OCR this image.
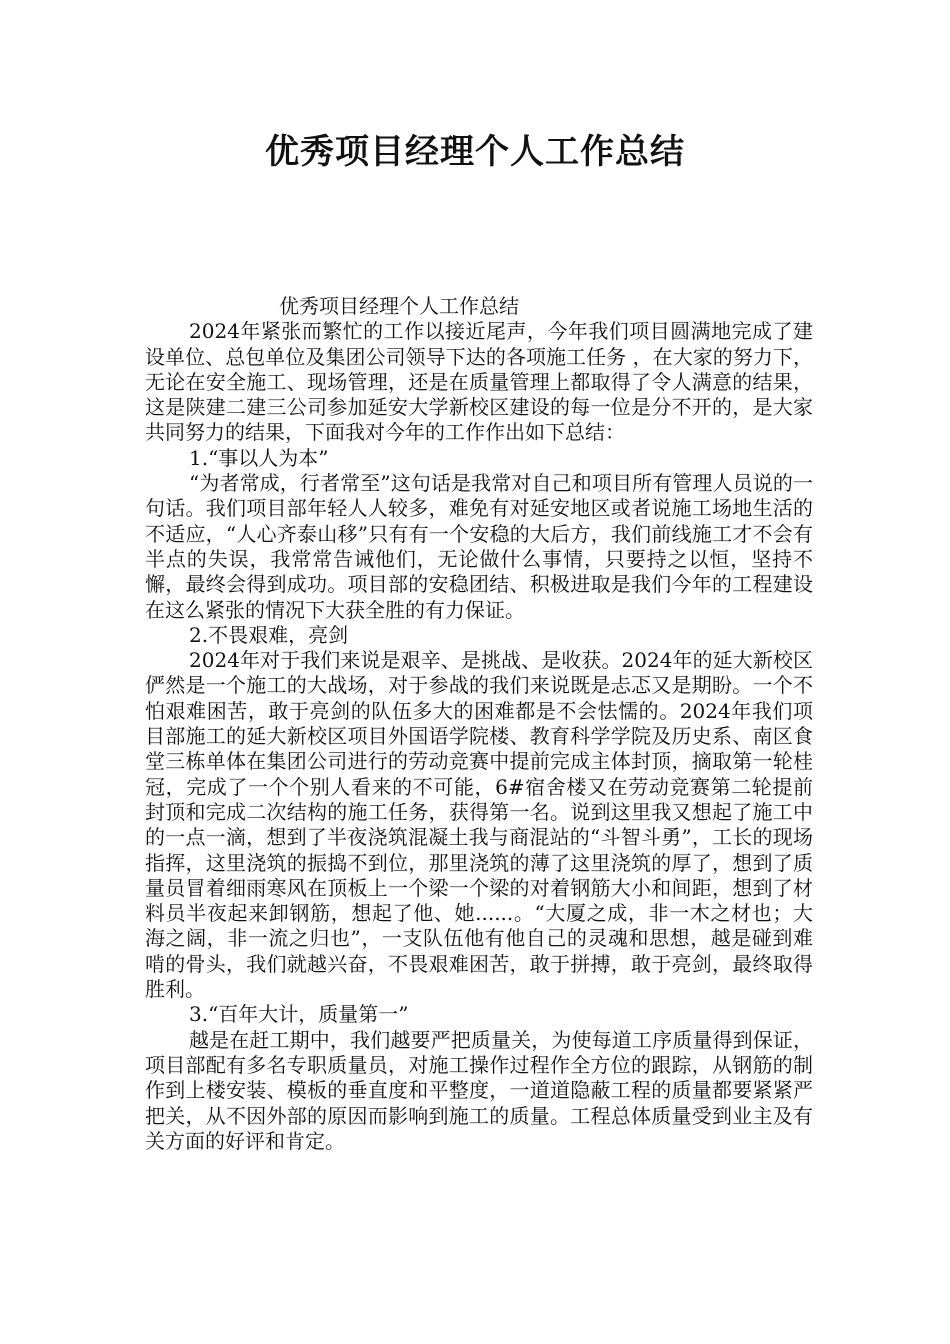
优秀项目经理个人工作总结

优秀项目经理个人工作总结

2024年紧张而繁忙的工作以接近尾声，今年我们项目圆满地完成了建设单位、总包单位及集团公司领导下达的各项施工任务 ，在大家的努力下，无论在安全施工、现场管理，还是在质量管理上都取得了令人满意的结果，这是陕建二建三公司参加延安大学新校区建设的每一位是分不开的，是大家共同努力的结果，下面我对今年的工作作出如下总结：

1.“事以人为本”

“为者常成，行者常至”这句话是我常对自己和项目所有管理人员说的一句话。我们项目部年轻人人较多，难免有对延安地区或者说施工场地生活的不适应，“人心齐泰山移”只有有一个安稳的大后方，我们前线施工才不会有半点的失误，我常常告诫他们，无论做什么事情，只要持之以恒，坚持不懈，最终会得到成功。项目部的安稳团结、积极进取是我们今年的工程建设在这么紧张的情况下大获全胜的有力保证。

2.不畏艰难，亮剑

2024年对于我们来说是艰辛、是挑战、是收获。2024年的延大新校区俨然是一个施工的大战场，对于参战的我们来说既是忐忑又是期盼。一个不怕艰难困苦，敢于亮剑的队伍多大的困难都是不会怯懦的。2024年我们项目部施工的延大新校区项目外国语学院楼、教育科学学院及历史系、南区食堂三栋单体在集团公司进行的劳动竞赛中提前完成主体封顶，摘取第一轮桂冠，完成了一个个别人看来的不可能，6#宿舍楼又在劳动竞赛第二轮提前封顶和完成二次结构的施工任务，获得第一名。说到这里我又想起了施工中的一点一滴，想到了半夜浇筑混凝土我与商混站的“斗智斗勇”，工长的现场指挥，这里浇筑的振捣不到位，那里浇筑的薄了这里浇筑的厚了，想到了质量员冒着细雨寒风在顶板上一个梁一个梁的对着钢筋大小和间距，想到了材料员半夜起来卸钢筋，想起了他、她......。“大厦之成，非一木之材也；大海之阔，非一流之归也”，一支队伍他有他自己的灵魂和思想，越是碰到难啃的骨头，我们就越兴奋，不畏艰难困苦，敢于拼搏，敢于亮剑，最终取得胜利。

3.“百年大计，质量第一”

越是在赶工期中，我们越要严把质量关，为使每道工序质量得到保证，项目部配有多名专职质量员，对施工操作过程作全方位的跟踪，从钢筋的制作到上楼安装、模板的垂直度和平整度，一道道隐蔽工程的质量都要紧紧严把关，从不因外部的原因而影响到施工的质量。工程总体质量受到业主及有关方面的好评和肯定。
